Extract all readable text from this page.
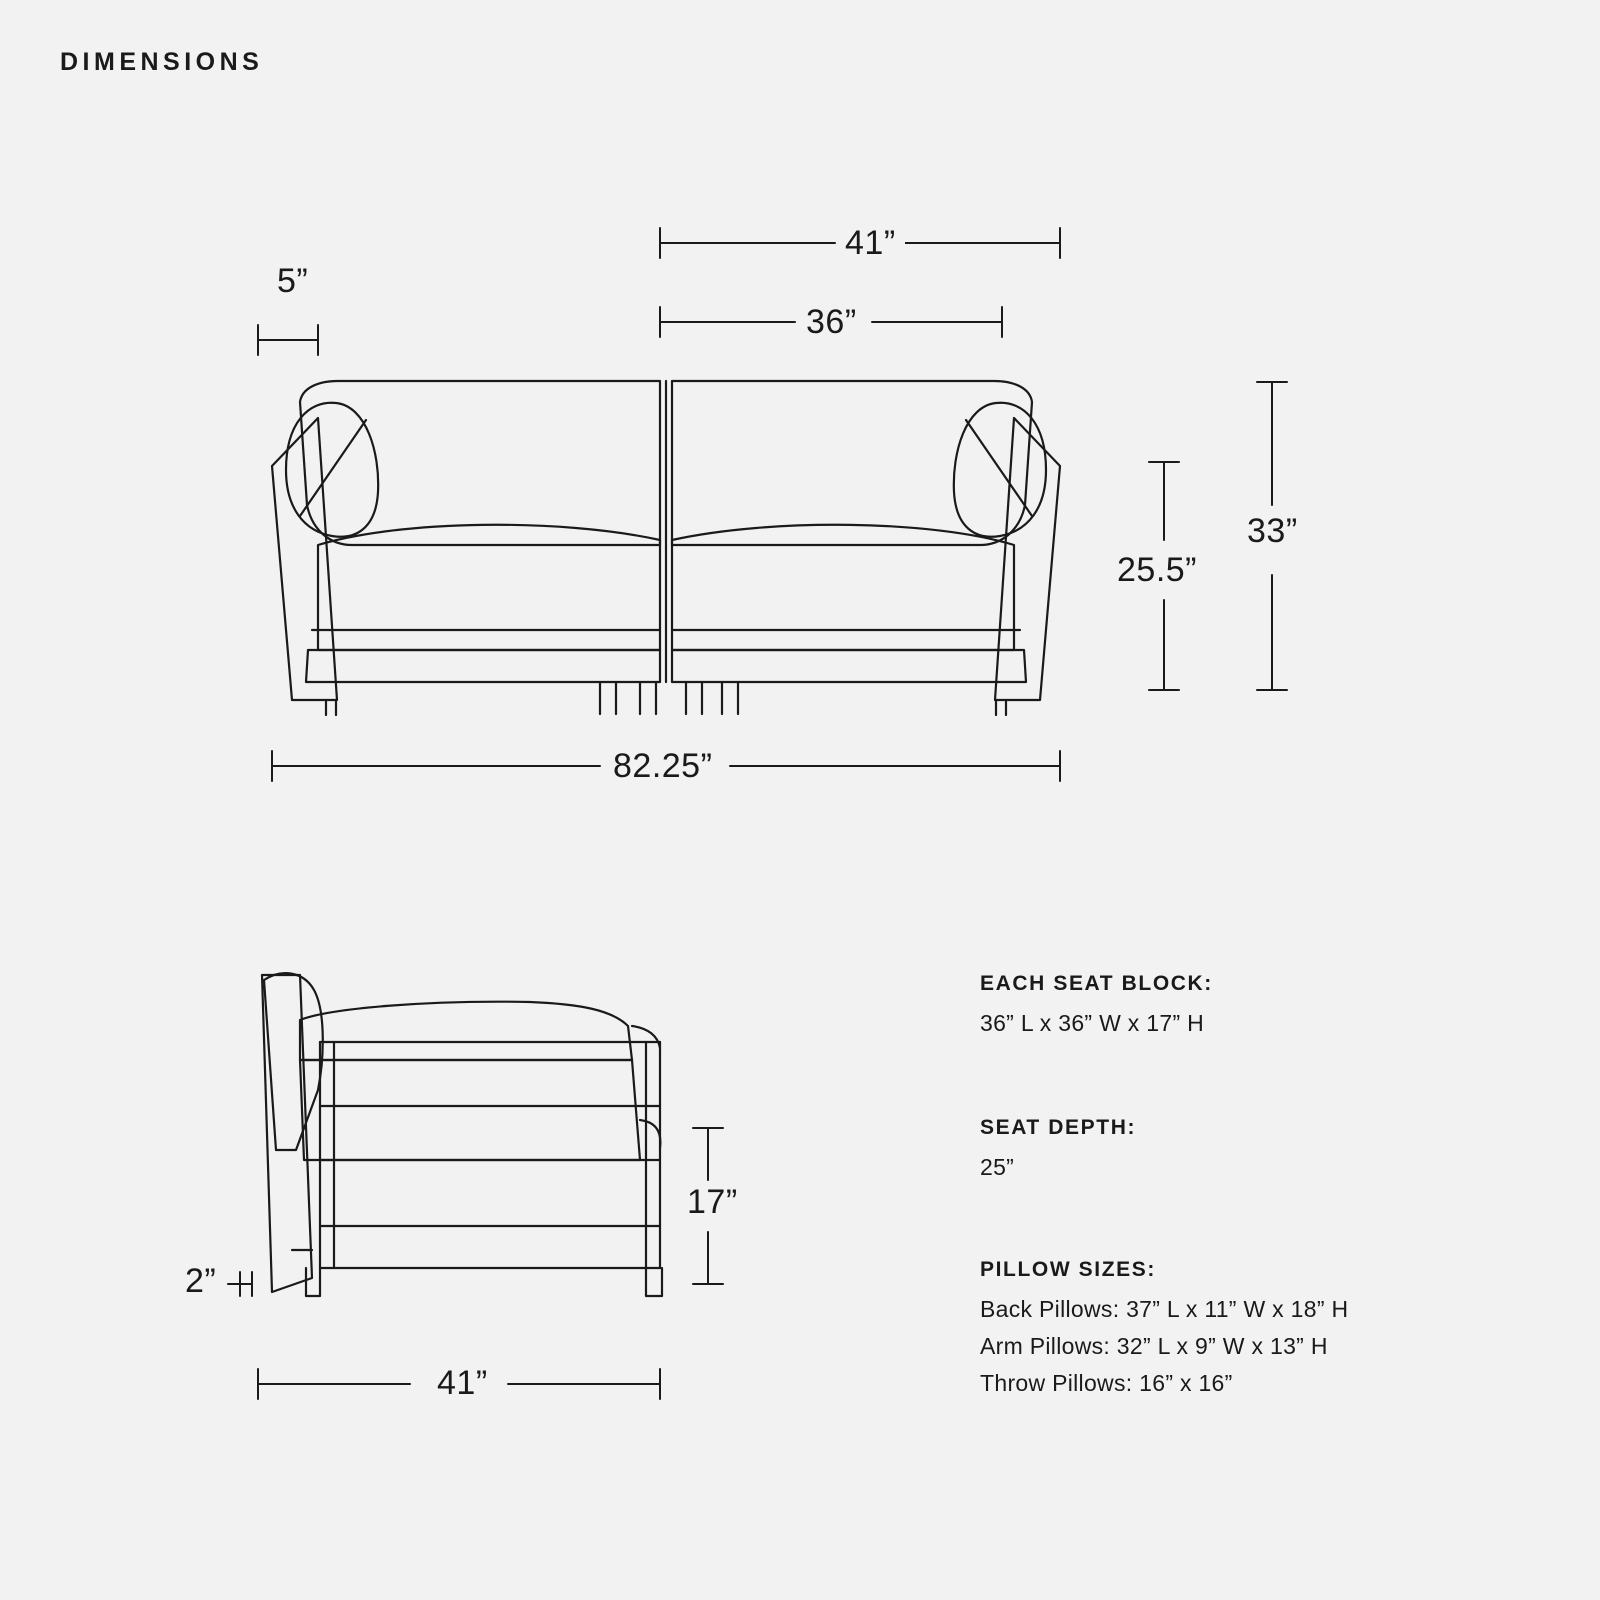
DIMENSIONS
41”
36”
5”
82.25”
25.5”
33”
17”
2”
41”
EACH SEAT BLOCK:
36” L x 36” W x 17” H
SEAT DEPTH:
25”
PILLOW SIZES:
Back Pillows: 37” L x 11” W x 18” H
Arm Pillows: 32” L x 9” W x 13” H
Throw Pillows: 16” x 16”
